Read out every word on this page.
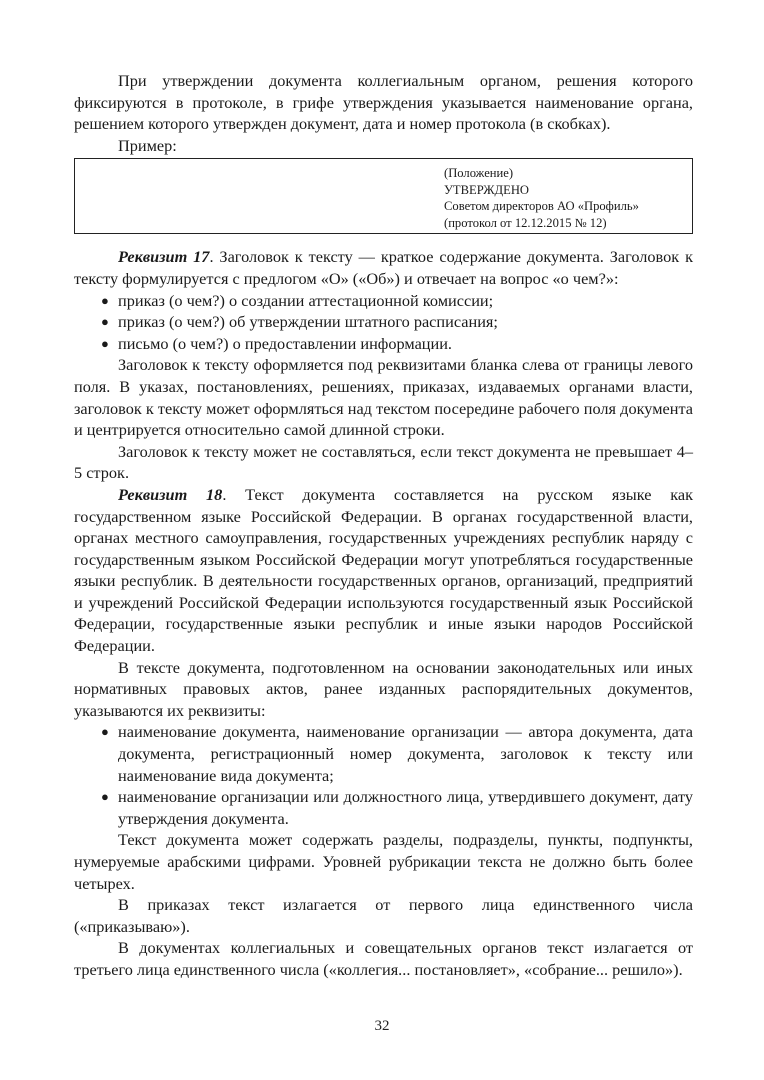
При утверждении документа коллегиальным органом, решения которого фиксируются в протоколе, в грифе утверждения указывается наименование органа, решением которого утвержден документ, дата и номер протокола (в скобках).

Пример:

(Положение)
УТВЕРЖДЕНО
Советом директоров АО «Профиль»
(протокол от 12.12.2015 № 12)

Реквизит 17. Заголовок к тексту — краткое содержание документа. Заголовок к тексту формулируется с предлогом «О» («Об») и отвечает на вопрос «о чем?»:

● приказ (о чем?) о создании аттестационной комиссии;
● приказ (о чем?) об утверждении штатного расписания;
● письмо (о чем?) о предоставлении информации.

Заголовок к тексту оформляется под реквизитами бланка слева от границы левого поля. В указах, постановлениях, решениях, приказах, издаваемых органами власти, заголовок к тексту может оформляться над текстом посередине рабочего поля документа и центрируется относительно самой длинной строки.

Заголовок к тексту может не составляться, если текст документа не превышает 4–5 строк.

Реквизит 18. Текст документа составляется на русском языке как государственном языке Российской Федерации. В органах государственной власти, органах местного самоуправления, государственных учреждениях республик наряду с государственным языком Российской Федерации могут употребляться государственные языки республик. В деятельности государственных органов, организаций, предприятий и учреждений Российской Федерации используются государственный язык Российской Федерации, государственные языки республик и иные языки народов Российской Федерации.

В тексте документа, подготовленном на основании законодательных или иных нормативных правовых актов, ранее изданных распорядительных документов, указываются их реквизиты:

● наименование документа, наименование организации — автора документа, дата документа, регистрационный номер документа, заголовок к тексту или наименование вида документа;
● наименование организации или должностного лица, утвердившего документ, дату утверждения документа.

Текст документа может содержать разделы, подразделы, пункты, подпункты, нумеруемые арабскими цифрами. Уровней рубрикации текста не должно быть более четырех.

В приказах текст излагается от первого лица единственного числа («приказываю»).

В документах коллегиальных и совещательных органов текст излагается от третьего лица единственного числа («коллегия... постановляет», «собрание... решило»).

32
